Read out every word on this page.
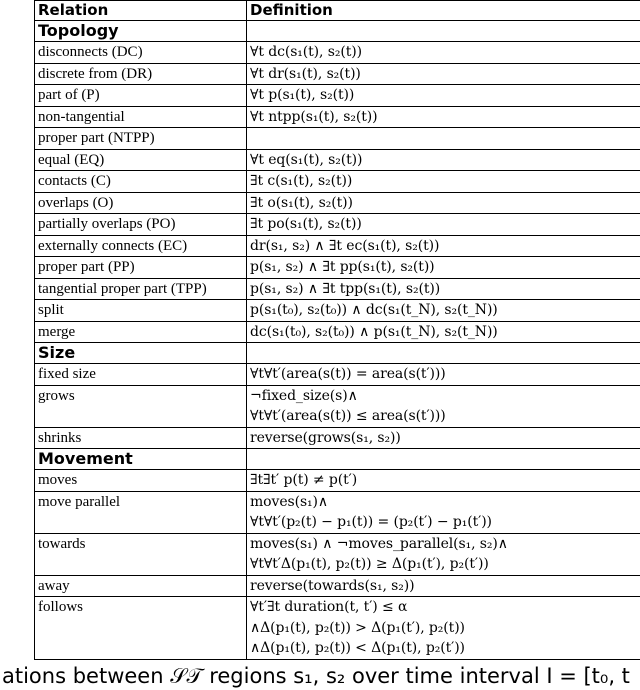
Relation	Definition
Topology	
disconnects (DC)	∀t dc(s₁(t), s₂(t))

discrete from (DR)	∀t dr(s₁(t), s₂(t))

part of (P)	∀t p(s₁(t), s₂(t))

non-tangential	∀t ntpp(s₁(t), s₂(t))

proper part (NTPP)	

equal (EQ)	∀t eq(s₁(t), s₂(t))

contacts (C)	∃t c(s₁(t), s₂(t))

overlaps (O)	∃t o(s₁(t), s₂(t))

partially overlaps (PO)	∃t po(s₁(t), s₂(t))

externally connects (EC)	dr(s₁, s₂) ∧ ∃t ec(s₁(t), s₂(t))

proper part (PP)	p(s₁, s₂) ∧ ∃t pp(s₁(t), s₂(t))

tangential proper part (TPP)	p(s₁, s₂) ∧ ∃t tpp(s₁(t), s₂(t))

split	p(s₁(t₀), s₂(t₀)) ∧ dc(s₁(t_N), s₂(t_N))

merge	dc(s₁(t₀), s₂(t₀)) ∧ p(s₁(t_N), s₂(t_N))

Size	
fixed size	∀t∀t′(area(s(t)) = area(s(t′)))

grows	¬fixed_size(s)∧
∀t∀t′(area(s(t)) ≤ area(s(t′)))

shrinks	reverse(grows(s₁, s₂))

Movement	
moves	∃t∃t′ p(t) ≠ p(t′)

move parallel	moves(s₁)∧
∀t∀t′(p₂(t) − p₁(t)) = (p₂(t′) − p₁(t′))

towards	moves(s₁) ∧ ¬moves_parallel(s₁, s₂)∧
∀t∀t′Δ(p₁(t), p₂(t)) ≥ Δ(p₁(t′), p₂(t′))

away	reverse(towards(s₁, s₂))

follows	∀t′∃t duration(t, t′) ≤ α
∧Δ(p₁(t), p₂(t)) > Δ(p₁(t′), p₂(t))
∧Δ(p₁(t), p₂(t)) < Δ(p₁(t), p₂(t′))
ations between 𝒮𝒯 regions s₁, s₂ over time interval I = [t₀, t
